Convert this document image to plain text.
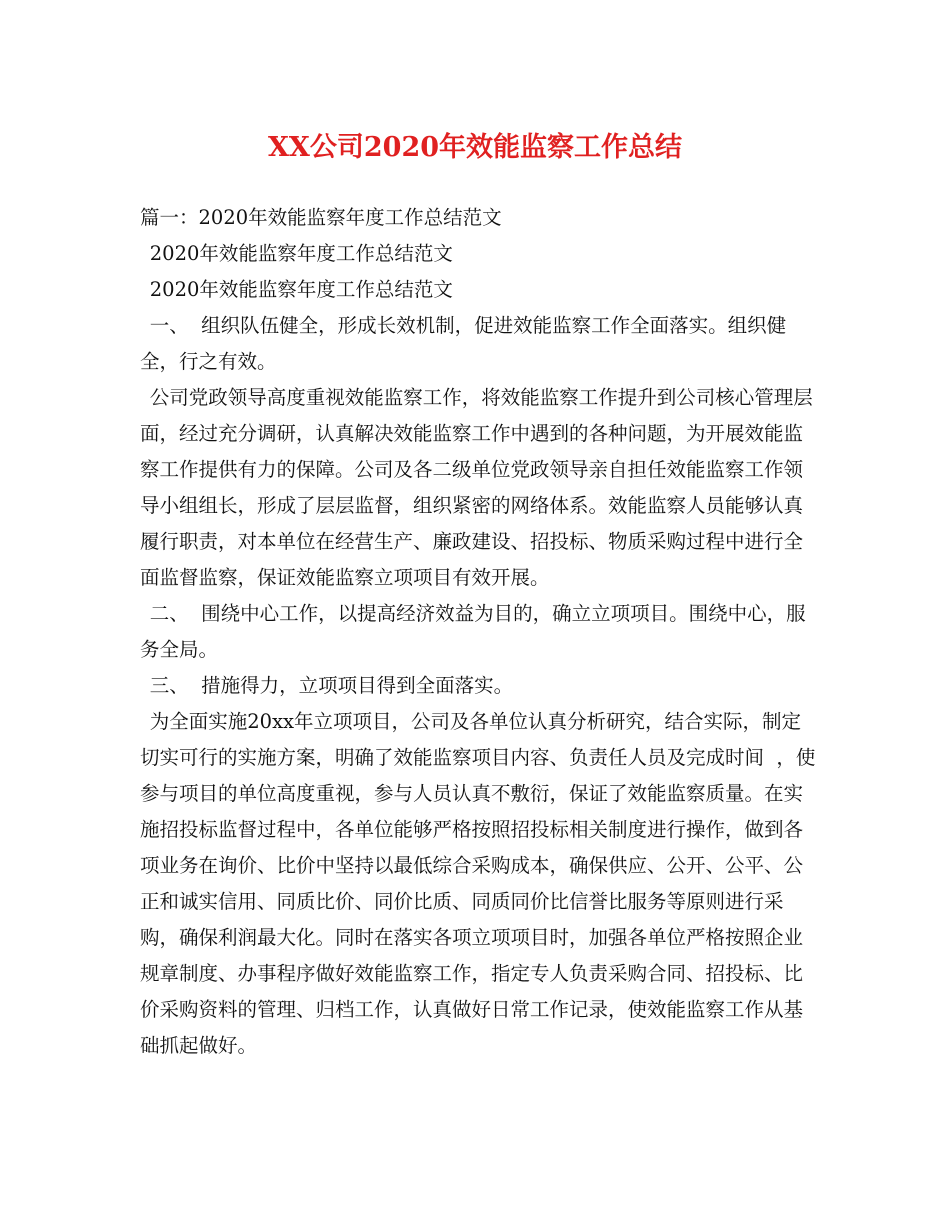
XX公司2020年效能监察工作总结

篇一：2020年效能监察年度工作总结范文

2020年效能监察年度工作总结范文

2020年效能监察年度工作总结范文

一、  组织队伍健全，形成长效机制，促进效能监察工作全面落实。组织健全，行之有效。

公司党政领导高度重视效能监察工作，将效能监察工作提升到公司核心管理层面，经过充分调研，认真解决效能监察工作中遇到的各种问题，为开展效能监察工作提供有力的保障。公司及各二级单位党政领导亲自担任效能监察工作领导小组组长，形成了层层监督，组织紧密的网络体系。效能监察人员能够认真履行职责，对本单位在经营生产、廉政建设、招投标、物质采购过程中进行全面监督监察，保证效能监察立项项目有效开展。

二、  围绕中心工作，以提高经济效益为目的，确立立项项目。围绕中心，服务全局。

三、  措施得力，立项项目得到全面落实。

为全面实施20xx年立项项目，公司及各单位认真分析研究，结合实际，制定切实可行的实施方案，明确了效能监察项目内容、负责任人员及完成时间  ，使参与项目的单位高度重视，参与人员认真不敷衍，保证了效能监察质量。在实施招投标监督过程中，各单位能够严格按照招投标相关制度进行操作，做到各项业务在询价、比价中坚持以最低综合采购成本，确保供应、公开、公平、公正和诚实信用、同质比价、同价比质、同质同价比信誉比服务等原则进行采购，确保利润最大化。同时在落实各项立项项目时，加强各单位严格按照企业规章制度、办事程序做好效能监察工作，指定专人负责采购合同、招投标、比价采购资料的管理、归档工作，认真做好日常工作记录，使效能监察工作从基础抓起做好。
